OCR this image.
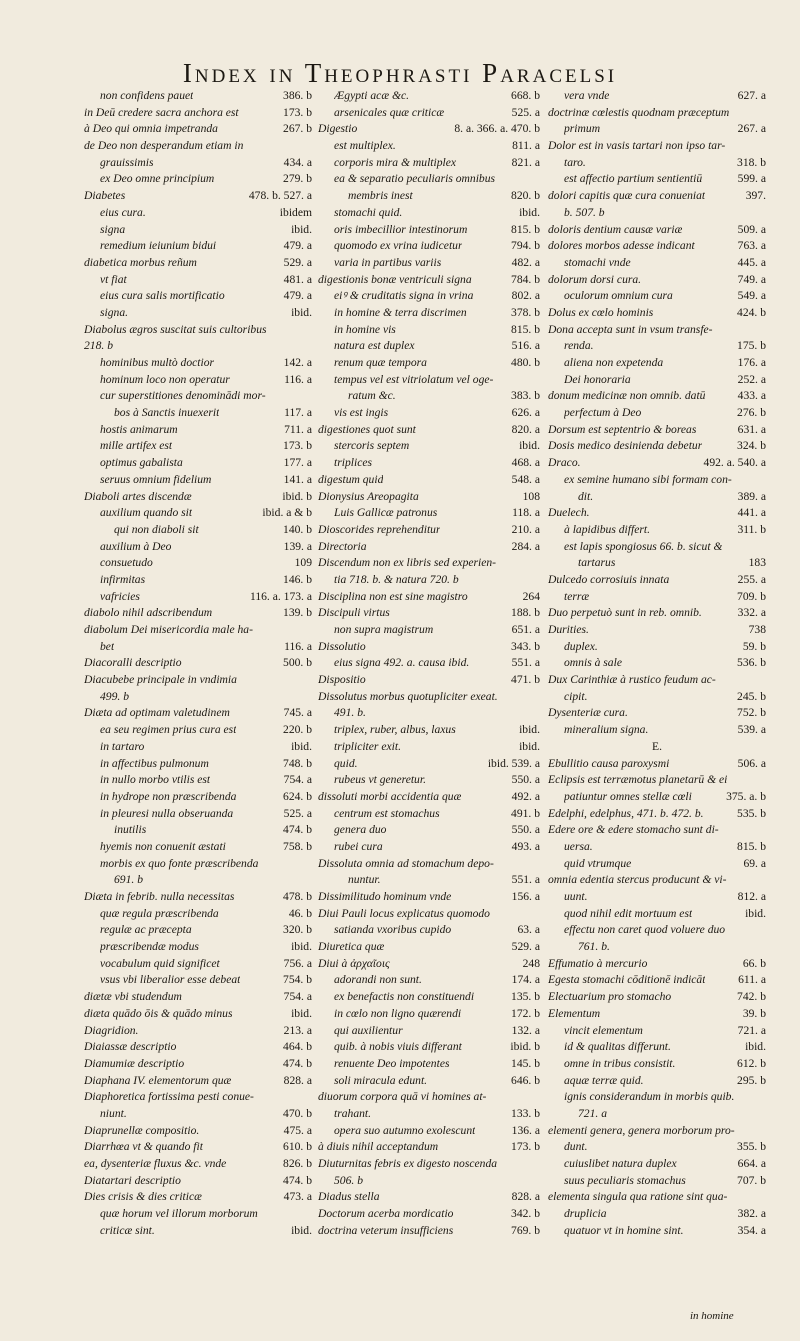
Index in Theophrasti Paracelsi
non confidens pauet	386. b
in Deū credere sacra anchora est	173. b
à Deo qui omnia impetranda	267. b
de Deo non desperandum etiam in
grauissimis	434. a
ex Deo omne principium	279. b
Diabetes	478. b. 527. a
eius cura.	ibidem
signa	ibid.
remedium ieiunium bidui	479. a
diabetica morbus reñum	529. a
vt fiat	481. a
eius cura salis mortificatio	479. a
signa.	ibid.
Diabolus ægros suscitat suis cultoribus
218. b
hominibus multò doctior	142. a
hominum loco non operatur	116. a
cur superstitiones denominādi mor-
bos à Sanctis inuexerit	117. a
hostis animarum	711. a
mille artifex est	173. b
optimus gabalista	177. a
seruus omnium fidelium	141. a
Diaboli artes discendæ	ibid. b
auxilium quando sit	ibid. a & b
qui non diaboli sit	140. b
auxilium à Deo	139. a
consuetudo	109
infirmitas	146. b
vafricies	116. a. 173. a
diabolo nihil adscribendum	139. b
diabolum Dei misericordia male ha-
bet	116. a
Diacoralli descriptio	500. b
Diacubebe principale in vndimia
499. b
Diæta ad optimam valetudinem	745. a
ea seu regimen prius cura est	220. b
in tartaro	ibid.
in affectibus pulmonum	748. b
in nullo morbo vtilis est	754. a
in hydrope non præscribenda	624. b
in pleuresi nulla obseruanda	525. a
inutilis	474. b
hyemis non conuenit æstati	758. b
morbis ex quo fonte præscribenda
691. b
Diæta in febrib. nulla necessitas	478. b
quæ regula præscribenda	46. b
regulæ ac præcepta	320. b
præscribendæ modus	ibid.
vocabulum quid significet	756. a
vsus vbi liberalior esse debeat	754. b
diætæ vbi studendum	754. a
diæta quādo ōis & quādo minus	ibid.
Diagridion.	213. a
Diaiassæ descriptio	464. b
Diamumiæ descriptio	474. b
Diaphana IV. elementorum quæ	828. a
Diaphoretica fortissima pesti conue-
niunt.	470. b
Diaprunellæ compositio.	475. a
Diarrhœa vt & quando fit	610. b
ea, dysenteriæ fluxus &c. vnde	826. b
Diatartari descriptio	474. b
Dies crisis & dies criticæ	473. a
quæ horum vel illorum morborum
criticæ sint.	ibid.
Ægypti acæ &c.	668. b
arsenicales quæ criticæ	525. a
Digestio	8. a. 366. a. 470. b
est multiplex.	811. a
corporis mira & multiplex	821. a
ea & separatio peculiaris omnibus
membris inest	820. b
stomachi quid.	ibid.
oris imbecillior intestinorum	815. b
quomodo ex vrina iudicetur	794. b
varia in partibus variis	482. a
digestionis bonæ ventriculi signa	784. b
eiꝰ & cruditatis signa in vrina	802. a
in homine & terra discrimen	378. b
in homine vis	815. b
natura est duplex	516. a
renum quæ tempora	480. b
tempus vel est vitriolatum vel oge-
ratum &c.	383. b
vis est ingis	626. a
digestiones quot sunt	820. a
stercoris septem	ibid.
triplices	468. a
digestum quid	548. a
Dionysius Areopagita	108
Luis Gallicæ patronus	118. a
Dioscorides reprehenditur	210. a
Directoria	284. a
Discendum non ex libris sed experien-
tia 718. b. & natura 720. b
Disciplina non est sine magistro	264
Discipuli virtus	188. b
non supra magistrum	651. a
Dissolutio	343. b
eius signa 492. a. causa ibid.	551. a
Dispositio	471. b
Dissolutus morbus quotupliciter exeat.
491. b.
triplex, ruber, albus, laxus	ibid.
tripliciter exit.	ibid.
quid.	ibid. 539. a
rubeus vt generetur.	550. a
dissoluti morbi accidentia quæ	492. a
centrum est stomachus	491. b
genera duo	550. a
rubei cura	493. a
Dissoluta omnia ad stomachum depo-
nuntur.	551. a
Dissimilitudo hominum vnde	156. a
Diui Pauli locus explicatus quomodo
satianda vxoribus cupido	63. a
Diuretica quæ	529. a
Diui à ἀρχαῖοις	248
adorandi non sunt.	174. a
ex benefactis non constituendi	135. b
in cœlo non ligno quærendi	172. b
qui auxilientur	132. a
quib. à nobis viuis differant	ibid. b
renuente Deo impotentes	145. b
soli miracula edunt.	646. b
diuorum corpora quā vi homines at-
trahant.	133. b
opera suo autumno exolescunt	136. a
à diuis nihil acceptandum	173. b
Diuturnitas febris ex digesto noscenda
506. b
Diadus stella	828. a
Doctorum acerba mordicatio	342. b
doctrina veterum insufficiens	769. b
vera vnde	627. a
doctrinæ cœlestis quodnam præceptum
primum	267. a
Dolor est in vasis tartari non ipso tar-
taro.	318. b
est affectio partium sentientiū	599. a
dolori capitis quæ cura conueniat	397.
b. 507. b
doloris dentium causæ variæ	509. a
dolores morbos adesse indicant	763. a
stomachi vnde	445. a
dolorum dorsi cura.	749. a
oculorum omnium cura	549. a
Dolus ex cœlo hominis	424. b
Dona accepta sunt in vsum transfe-
renda.	175. b
aliena non expetenda	176. a
Dei honoraria	252. a
donum medicinæ non omnib. datū	433. a
perfectum à Deo	276. b
Dorsum est septentrio & boreas	631. a
Dosis medico desinienda debetur	324. b
Draco.	492. a. 540. a
ex semine humano sibi formam con-
dit.	389. a
Duelech.	441. a
à lapidibus differt.	311. b
est lapis spongiosus 66. b. sicut &
tartarus	183
Dulcedo corrosiuis innata	255. a
terræ	709. b
Duo perpetuò sunt in reb. omnib.	332. a
Durities.	738
duplex.	59. b
omnis à sale	536. b
Dux Carinthiæ à rustico feudum ac-
cipit.	245. b
Dysenteriæ cura.	752. b
mineralium signa.	539. a
E.
Ebullitio causa paroxysmi	506. a
Eclipsis est terræmotus planetarū & ei
patiuntur omnes stellæ cœli	375. a. b
Edelphi, edelphus, 471. b. 472. b.	535. b
Edere ore & edere stomacho sunt di-
uersa.	815. b
quid vtrumque	69. a
omnia edentia stercus producunt & vi-
uunt.	812. a
quod nihil edit mortuum est	ibid.
effectu non caret quod voluere duo
761. b.
Effumatio à mercurio	66. b
Egesta stomachi cōditionē indicāt	611. a
Electuarium pro stomacho	742. b
Elementum	39. b
vincit elementum	721. a
id & qualitas differunt.	ibid.
omne in tribus consistit.	612. b
aquæ terræ quid.	295. b
ignis considerandum in morbis quib.
721. a
elementi genera, genera morborum pro-
dunt.	355. b
cuiuslibet natura duplex	664. a
suus peculiaris stomachus	707. b
elementa singula qua ratione sint qua-
druplicia	382. a
quatuor vt in homine sint.	354. a
in homine
